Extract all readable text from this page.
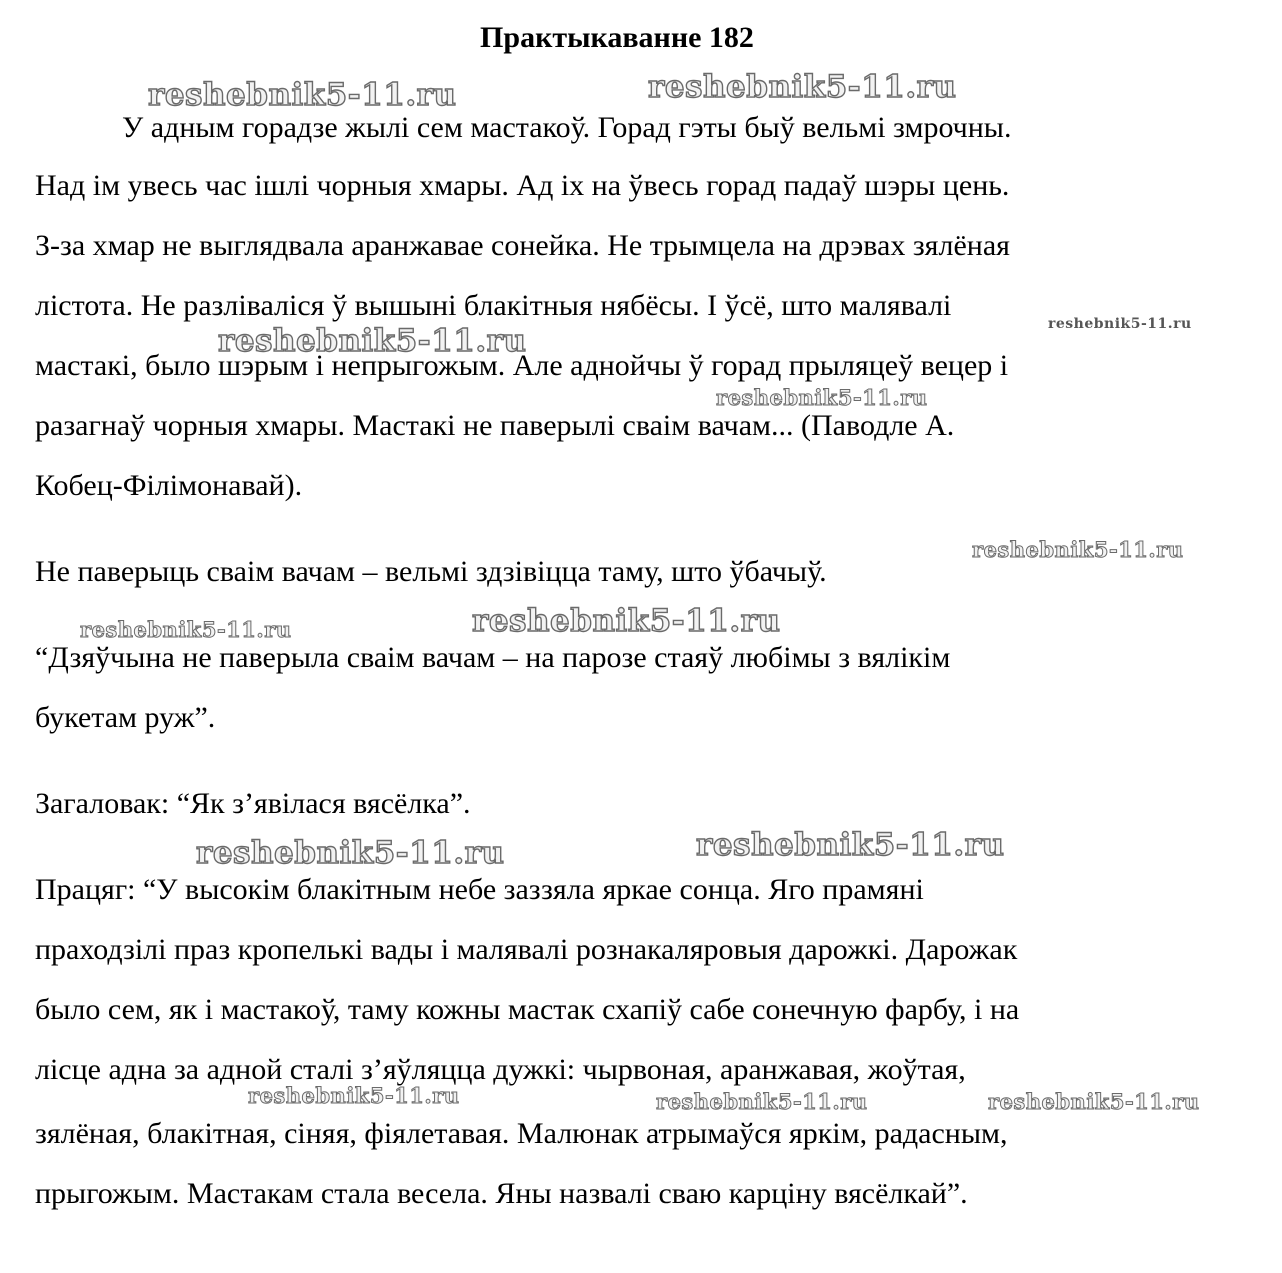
Практыкаванне 182
У адным горадзе жылі сем мастакоў. Горад гэты быў вельмі змрочны.
Над ім увесь час ішлі чорныя хмары. Ад іх на ўвесь горад падаў шэры цень.
З-за хмар не выглядвала аранжавае сонейка. Не трымцела на дрэвах зялёная
лістота. Не разліваліся ў вышыні блакітныя нябёсы. І ўсё, што малявалі
мастакі, было шэрым і непрыгожым. Але аднойчы ў горад прыляцеў вецер і
разагнаў чорныя хмары. Мастакі не паверылі сваім вачам... (Паводле А.
Кобец-Філімонавай).
Не паверыць сваім вачам – вельмі здзівіцца таму, што ўбачыў.
“Дзяўчына не паверыла сваім вачам – на парозе стаяў любімы з вялікім
букетам руж”.
Загаловак: “Як з’явілася вясёлка”.
Працяг: “У высокім блакітным небе заззяла яркае сонца. Яго прамяні
праходзілі праз кропелькі вады і малявалі рознакаляровыя дарожкі. Дарожак
было сем, як і мастакоў, таму кожны мастак схапіў сабе сонечную фарбу, і на
лісце адна за адной сталі з’яўляцца дужкі: чырвоная, аранжавая, жоўтая,
зялёная, блакітная, сіняя, фіялетавая. Малюнак атрымаўся яркім, радасным,
прыгожым. Мастакам стала весела. Яны назвалі сваю карціну вясёлкай”.
reshebnik5-11.ru	reshebnik5-11.ru
reshebnik5-11.ru	reshebnik5-11.ru
reshebnik5-11.ru
reshebnik5-11.ru
reshebnik5-11.ru	reshebnik5-11.ru
reshebnik5-11.ru	reshebnik5-11.ru
reshebnik5-11.ru	reshebnik5-11.ru	reshebnik5-11.ru
